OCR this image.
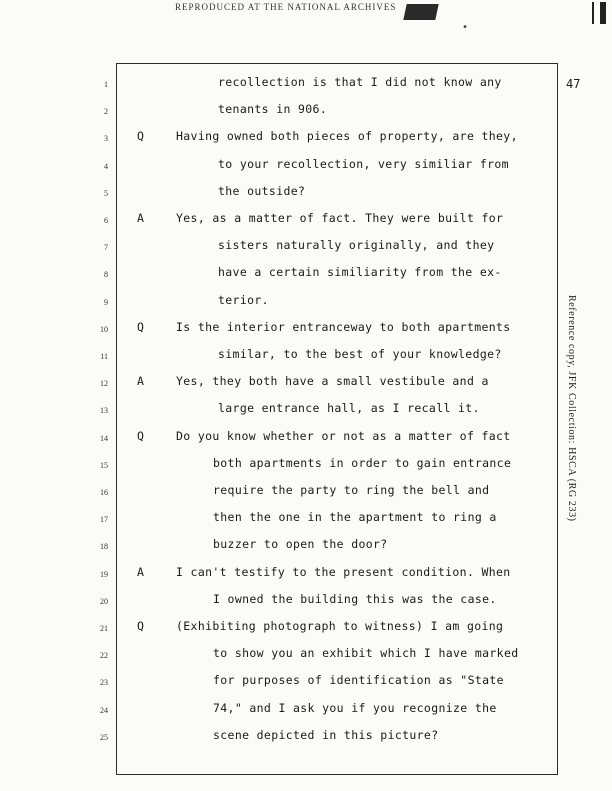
REPRODUCED AT THE NATIONAL ARCHIVES
•
47
Reference copy, JFK Collection: HSCA (RG 233)
1	recollection is that I did not know any
2	tenants in 906.
3	Q	Having owned both pieces of property, are they,
4	to your recollection, very similiar from
5	the outside?
6	A	Yes, as a matter of fact. They were built for
7	sisters naturally originally, and they
8	have a certain similiarity from the ex-
9	terior.
10	Q	Is the interior entranceway to both apartments
11	similar, to the best of your knowledge?
12	A	Yes, they both have a small vestibule and a
13	large entrance hall, as I recall it.
14	Q	Do you know whether or not as a matter of fact
15	both apartments in order to gain entrance
16	require the party to ring the bell and
17	then the one in the apartment to ring a
18	buzzer to open the door?
19	A	I can't testify to the present condition. When
20	I owned the building this was the case.
21	Q	(Exhibiting photograph to witness) I am going
22	to show you an exhibit which I have marked
23	for purposes of identification as "State
24	74," and I ask you if you recognize the
25	scene depicted in this picture?
